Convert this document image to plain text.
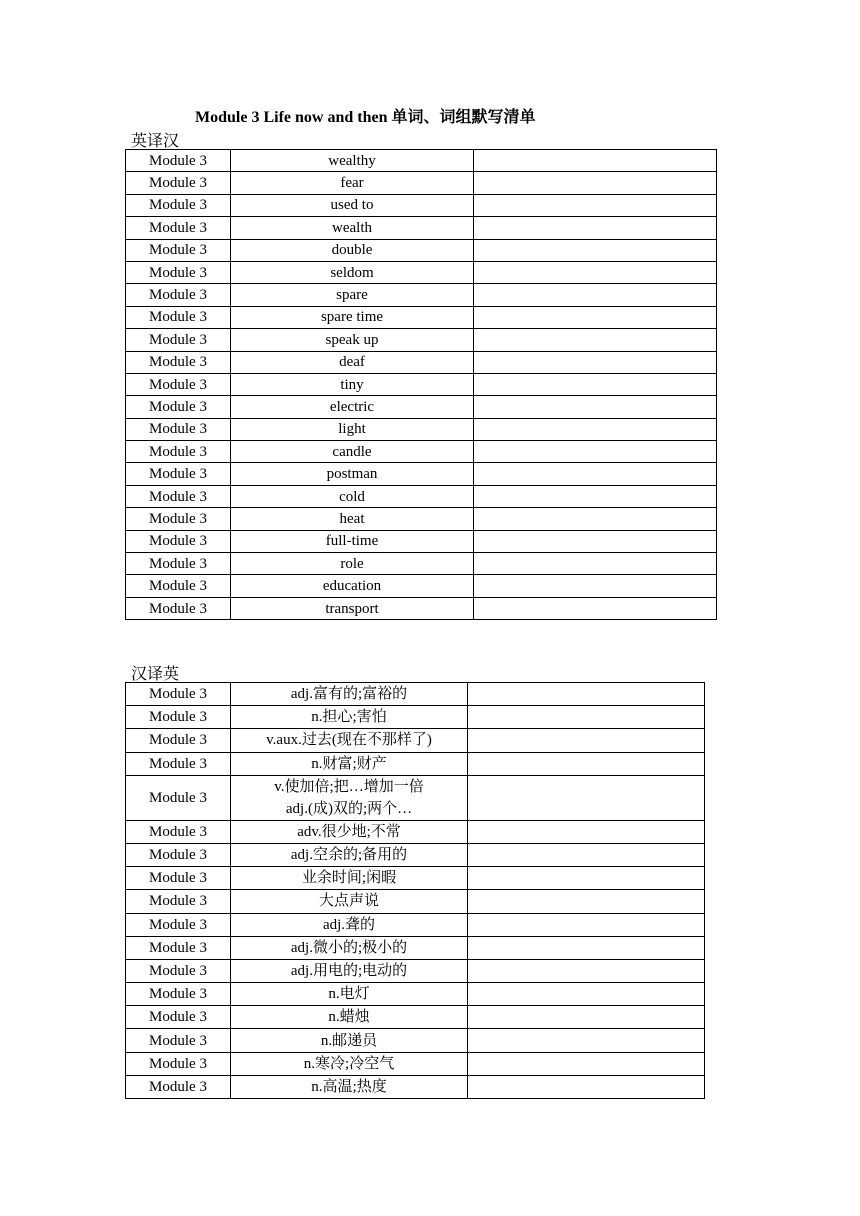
Module 3 Life now and then 单词、词组默写清单
英译汉
Module 3	wealthy	
Module 3	fear	
Module 3	used to	
Module 3	wealth	
Module 3	double	
Module 3	seldom	
Module 3	spare	
Module 3	spare time	
Module 3	speak up	
Module 3	deaf	
Module 3	tiny	
Module 3	electric	
Module 3	light	
Module 3	candle	
Module 3	postman	
Module 3	cold	
Module 3	heat	
Module 3	full-time	
Module 3	role	
Module 3	education	
Module 3	transport	
汉译英
Module 3	adj.富有的;富裕的	
Module 3	n.担心;害怕	
Module 3	v.aux.过去(现在不那样了)	
Module 3	n.财富;财产	
Module 3	v.使加倍;把…增加一倍
adj.(成)双的;两个…	

Module 3	adv.很少地;不常	
Module 3	adj.空余的;备用的	
Module 3	业余时间;闲暇	
Module 3	大点声说	
Module 3	adj.聋的	
Module 3	adj.微小的;极小的	
Module 3	adj.用电的;电动的	
Module 3	n.电灯	
Module 3	n.蜡烛	
Module 3	n.邮递员	
Module 3	n.寒冷;冷空气	
Module 3	n.高温;热度	
